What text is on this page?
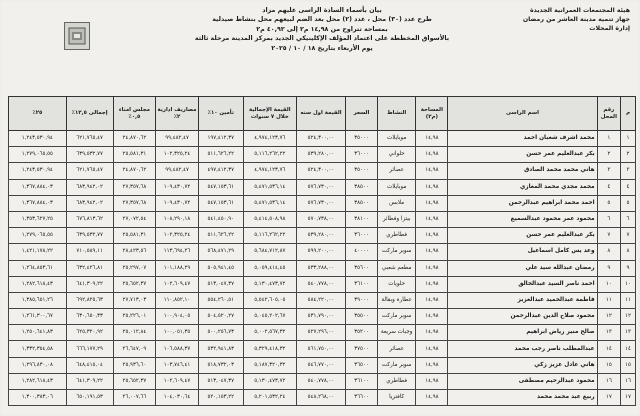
هيئة المجتمعات العمرانية الجديدة
جهاز تنمية مدينة العاشر من رمضان
إدارة المحلات
بيان بأسماء السادة الراسى عليهم مزاد
طرح عدد (٣٠) محل ، عدد (٢) محل بعد الضم لبيعهم محل بنشاط صيدلية
بمساحة تتراوح من ١٤,٩٨ م٢ إلى ٤٠,٩٢ م٢
بالأسواق المخططة على اعتماد المؤلف الإكلينيكي الجديد بمركز المدينة مرحلة ثالثة
يوم الأربعاء بتاريخ ١٨ / ١٠ / ٢٠٢٥
م	رقم المحل	اسم الراسى	المساحة (م٢)	النشاط	السعر	القيمة اول سنه	القيمة الإجمالية خلال ٧ سنوات	تأمين ١٠٪	مصاريف ادارية ٢٪	مجلس امناء ٠,٥٪	إجمالى ١٢,٥٪	٢٥٪
١	١	محمد اشرف شعبان احمد	١٤,٩٨	موبايلات	٣٥٠٠٠	٥٢٤,٣٠٠,٠٠	٤,٩٧٤,١٢٣,٧٦	١٩٧,٤١٢,٣٧	٩٩,٤٨٢,٤٧	٢٤,٨٧٠,٦٢	٦٢١,٧٦٥,٤٧	١,٢٤٣,٥٣٠,٩٤
٢	٢	بكر عبدالعليم عمر حسن	١٤,٩٨	حلواني	٣٦٠٠٠	٥٣٩,٢٨٠,٠٠	٥,١١٦,٢٦٢,٢٢	٥١١,٦٢٦,٢٢	١٠٢,٣٢٥,٢٤	٢٥,٥٨١,٣١	٦٣٩,٥٣٢,٧٧	١,٢٧٩,٠٦٥,٥٥
٣	٣	هاني محمد محمد الصادق	١٤,٩٨	عصائر	٣٥٠٠٠	٥٢٤,٣٠٠,٠٠	٤,٩٧٤,١٢٣,٧٦	٤٩٧,٤١٢,٣٧	٩٩,٤٨٢,٤٧	٢٤,٨٧٠,٦٢	٦٢١,٧٦٥,٤٧	١,٢٤٣,٥٣٠,٩٤
٤	٤	محمد مجدي محمد المغازي	١٤,٩٨	موبايلات	٣٨٥٠٠	٥٧٦,٧٣٠,٠٠	٥,٤٧١,٥٣٦,١٤	٥٤٧,١٥٣,٦١	١٠٩,٤٣٠,٧٢	٢٧,٣٥٧,٦٨	٦٨٣,٩٤٢,٠٢	١,٣٦٧,٨٨٤,٠٣
٥	٥	احمد محمد ابراهيم عبدالرحمن	١٤,٩٨	ملابس	٣٨٥٠٠	٥٧٦,٧٣٠,٠٠	٥,٤٧١,٥٣٦,١٤	٥٤٧,١٥٣,٦١	١٠٩,٤٣٠,٧٢	٢٧,٣٥٧,٦٨	٦٨٣,٩٤٢,٠٢	١,٣٦٧,٨٨٤,٠٣
٦	٦	محمود عمر محمود عبدالسميع	١٤,٩٨	بيتزا وفطائر	٣٨١٠٠	٥٧٠,٧٣٨,٠٠	٥,٤١٤,٥٠٨,٩٨	٥٤١,٤٥٠,٩٠	١٠٨,٢٩٠,١٨	٢٧,٠٧٢,٥٤	٦٧٦,٨١٣,٦٢	١,٣٥٣,٦٢٧,٢٥
٧	٧	بكر عبدالعليم عمر حسن	١٤,٩٨	فطاطري	٣٦٠٠٠	٥٣٩,٢٨٠,٠٠	٥,١١٦,٢٦٢,٢٢	٥١١,٦٢٦,٢٢	١٠٢,٣٢٥,٢٤	٢٥,٥٨١,٣١	٦٣٩,٥٣٢,٧٧	١,٢٧٩,٠٦٥,٥٥
٨	٨	وعد يس كامل اسماعيل	١٤,٩٨	سوبر ماركت	٤٠٠٠٠	٥٩٩,٢٠٠,٠٠	٥,٦٨٤,٧١٢,٨٧	٥٦٨,٤٧١,٢٩	١١٣,٦٩٤,٢٦	٢٨,٤٢٣,٥٦	٧١٠,٥٨٩,١١	١,٤٢١,١٧٨,٢٢
٩	٩	رمضان عبدالله سيد علي	١٤,٩٨	مطعم شعبي	٣٥٦٠٠	٥٣٣,٢٨٨,٠٠	٥,٠٥٩,٤١٤,٤٥	٥٠٥,٩٤١,٤٥	١٠١,١٨٨,٢٩	٢٥,٢٩٧,٠٧	٦٣٢,٤٢٦,٨١	١,٢٦٤,٨٥٣,٦١
١٠	١٠	احمد ناصر السيد عبدالخالق	١٤,٩٨	حلويات	٣٦١٠٠	٥٤٠,٧٧٨,٠٠	٥,١٣٠,٤٧٣,٧٢	٥١٣,٠٤٧,٣٧	١٠٢,٦٠٩,٤٧	٢٥,٦٥٢,٣٧	٦٤١,٣٠٩,٢٢	١,٢٨٢,٦١٨,٤٣
١١	١١	فاطمة عبدالحميد عبدالعزيز	١٤,٩٨	عطارة وبقالة	٣٩٠٠٠	٥٨٤,٢٢٠,٠٠	٥,٥٤٢,٦٠٥,٠٥	٥٥٤,٢٦٠,٥١	١١٠,٨٥٢,١٠	٢٧,٧١٣,٠٣	٦٩٢,٨٢٥,٦٣	١,٣٨٥,٦٥١,٢٦
١٢	١٢	محمود صلاح الدين عبدالرحمن	١٤,٩٨	سوبر ماركت	٣٥٥٠٠	٥٣١,٧٩٠,٠٠	٥,٠٤٥,٢٠٢,٦٧	٥٠٤,٥٢٠,٢٧	١٠٠,٩٠٤,٠٥	٢٥,٢٢٦,٠١	٦٣٠,٦٥٠,٣٣	١,٢٦١,٣٠٠,٦٧
١٣	١٣	صالح منير رياض ابراهيم	١٤,٩٨	وجبات سريعة	٣٥٢٠٠	٥٢٧,٢٩٦,٠٠	٥,٠٠٢,٥٦٧,٣٢	٥٠٠,٢٥٦,٧٣	١٠٠,٠٥١,٣٥	٢٥,٠١٢,٨٤	٦٢٥,٣٢٠,٩٢	١,٢٥٠,٦٤١,٨٣
١٤	١٤	عبدالمطلب ناصر رجب محمد	١٤,٩٨	عصائر	٣٧٥٠٠	٥٦١,٧٥٠,٠٠	٥,٣٢٩,٤١٨,٣٢	٥٣٢,٩٤١,٨٣	١٠٦,٥٨٨,٣٧	٢٦,٦٤٧,٠٩	٦٦٦,١٧٧,٢٩	١,٣٣٢,٣٥٤,٥٨
١٥	١٥	هاني عادل عزيز زكي	١٤,٩٨	سوبر ماركت	٣٦٥٠٠	٥٤٦,٧٧٠,٠٠	٥,١٨٧,٣٢٠,٣٢	٥١٨,٧٣٢,٠٣	١٠٣,٧٤٦,٤١	٢٥,٩٣٦,٦٠	٦٤٨,٤١٥,٠٤	١,٢٩٦,٨٣٠,٠٨
١٦	١٦	محمود عبدالرحيم مصطفى	١٤,٩٨	فطاطري	٣٦١٠٠	٥٤٠,٧٧٨,٠٠	٥,١٣٠,٤٧٣,٧٢	٥١٣,٠٤٧,٣٧	١٠٢,٦٠٩,٤٧	٢٥,٦٥٢,٣٧	٦٤١,٣٠٩,٢٢	١,٢٨٢,٦١٨,٤٣
١٧	١٧	ربيع عبد محمد محمد	١٤,٩٨	كافتريا	٣٦٦٠٠	٥٤٨,٢٦٨,٠٠	٥,٢٠١,٥٣٢,٢٤	٥٢٠,١٥٣,٢٢	١٠٤,٠٣٠,٦٤	٢٦,٠٠٧,٦٦	٦٥٠,١٩١,٥٣	١,٣٠٠,٣٨٣,٠٦
